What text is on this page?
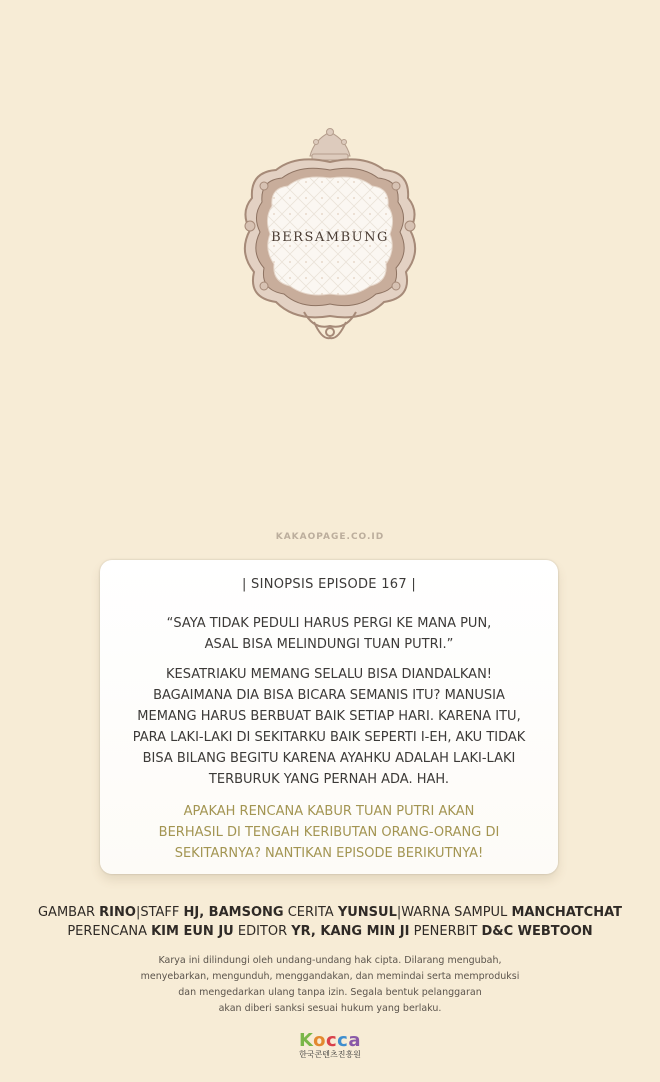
BERSAMBUNG
KAKAOPAGE.CO.ID
| SINOPSIS EPISODE 167 |
“SAYA TIDAK PEDULI HARUS PERGI KE MANA PUN,
ASAL BISA MELINDUNGI TUAN PUTRI.”
KESATRIAKU MEMANG SELALU BISA DIANDALKAN!
BAGAIMANA DIA BISA BICARA SEMANIS ITU? MANUSIA
MEMANG HARUS BERBUAT BAIK SETIAP HARI. KARENA ITU,
PARA LAKI-LAKI DI SEKITARKU BAIK SEPERTI I-EH, AKU TIDAK
BISA BILANG BEGITU KARENA AYAHKU ADALAH LAKI-LAKI
TERBURUK YANG PERNAH ADA. HAH.
APAKAH RENCANA KABUR TUAN PUTRI AKAN
BERHASIL DI TENGAH KERIBUTAN ORANG-ORANG DI
SEKITARNYA? NANTIKAN EPISODE BERIKUTNYA!
GAMBAR RINO|STAFF HJ, BAMSONG CERITA YUNSUL|WARNA SAMPUL MANCHATCHAT
PERENCANA KIM EUN JU EDITOR YR, KANG MIN JI PENERBIT D&C WEBTOON
Karya ini dilindungi oleh undang-undang hak cipta. Dilarang mengubah,
menyebarkan, mengunduh, menggandakan, dan memindai serta memproduksi
dan mengedarkan ulang tanpa izin. Segala bentuk pelanggaran
akan diberi sanksi sesuai hukum yang berlaku.
Kocca
한국콘텐츠진흥원
